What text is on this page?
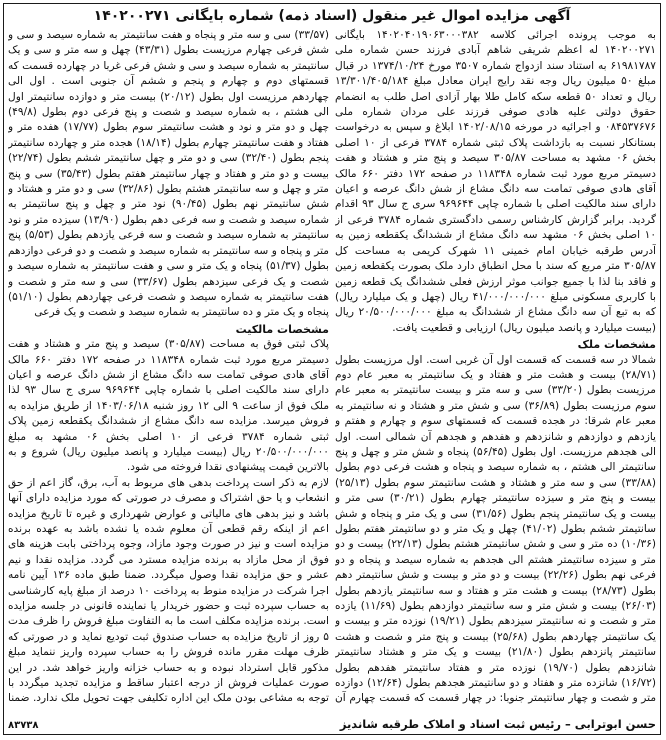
آگهی مزایده اموال غیر منقول (اسناد ذمه) شماره بایگانی ۱۴۰۲۰۰۲۷۱

به موجب پرونده اجرائی کلاسه ۱۴۰۲۰۴۰۱۹۰۶۳۰۰۰۳۸۲ بایگانی ۱۴۰۲۰۰۲۷۱ له اعظم شریفی شاهم آبادی فرزند حسن شماره ملی ۶۱۹۸۱۷۸۷ به استناد سند ازدواج شماره ۳۵۰۷ مورخ ۱۳۷۴/۱۰/۲۴ در قبال مبلغ ۵۰ میلیون ریال وجه نقد رایج ایران معادل مبلغ ۱۳/۳۰۱/۴۰۵/۱۸۴ ریال و تعداد ۵۰ قطعه سکه کامل طلا بهار آزادی اصل طلب به انضمام حقوق دولتی علیه هادی صوفی فرزند علی مردان شماره ملی ۰۸۴۵۳۷۶۷۶ و اجرائیه در مورخه ۱۴۰۲/۰۸/۱۵ ابلاغ و سپس به درخواست بستانکار نسبت به بازداشت پلاک ثبتی شماره ۳۷۸۴ فرعی از ۱۰ اصلی بخش ۰۶ مشهد به مساحت ۳۰۵/۸۷ سیصد و پنج متر و هشتاد و هفت دسیمتر مربع مورد ثبت شماره ۱۱۸۳۴۸ در صفحه ۱۷۲ دفتر ۶۶۰ مالک آقای هادی صوفی تمامت سه دانگ مشاع از شش دانگ عرصه و اعیان دارای سند مالکیت اصلی با شماره چاپی ۹۶۹۶۴۴ سری ج سال ۹۳ اقدام گردید. برابر گزارش کارشناس رسمی دادگستری شماره ۳۷۸۴ فرعی از ۱۰ اصلی بخش ۰۶ مشهد سه دانگ مشاع از ششدانگ یکقطعه زمین به آدرس طرقبه خیابان امام خمینی ۱۱ شهرک کریمی به مساحت کل ۳۰۵/۸۷ متر مربع که سند با محل انطباق دارد ملک بصورت یکقطعه زمین و فاقد بنا لذا با جمیع جوانب موثر ارزش فعلی ششدانگ یک قطعه زمین با کاربری مسکونی مبلغ ۴۱/۰۰۰/۰۰۰/۰۰۰ ریال (چهل و یک میلیارد ریال) که به تبع آن سه دانگ مشاع از ششدانگ به مبلغ ۲۰/۵۰۰/۰۰۰/۰۰۰ ریال (بیست میلیارد و پانصد میلیون ریال) ارزیابی و قطعیت یافت.

مشخصات ملک

شمالا در سه قسمت که قسمت اول آن غربی است. اول مرزیست بطول (۲۸/۷۱) بیست و هشت متر و هفتاد و یک سانتیمتر به معبر عام دوم مرزیست بطول (۳۳/۲۰) سی و سه متر و بیست سانتیمتر به معبر عام سوم مرزیست بطول (۳۶/۸۹) سی و شش متر و هشتاد و نه سانتیمتر به معبر عام شرقا: در هجده قسمت که قسمتهای سوم و چهارم و هفتم و یازدهم و دوازدهم و شانزدهم و هفدهم و هجدهم آن شمالی است. اول الی هجدهم مرزیست. اول بطول (۵۶/۴۵) پنجاه و شش متر و چهل و پنج سانتیمتر الی هشتم ، به شماره سیصد و پنجاه و هشت فرعی دوم بطول (۳۳/۸۸) سی و سه متر و هشتاد و هشت سانتیمتر سوم بطول (۲۵/۱۳) بیست و پنج متر و سیزده سانتیمتر چهارم بطول (۳۰/۲۱) سی متر و بیست و یک سانتیمتر پنجم بطول (۳۱/۵۶) سی و یک متر و پنجاه و شش سانتیمتر ششم بطول (۴۱/۰۲) چهل و یک متر و دو سانتیمتر هفتم بطول (۱۰/۳۶) ده متر و سی و شش سانتیمتر هشتم بطول (۲۲/۱۳) بیست و دو متر و سیزده سانتیمتر هشتم الی هجدهم به شماره سیصد و پنجاه و دو فرعی نهم بطول (۲۲/۲۶) بیست و دو متر و بیست و شش سانتیمتر دهم بطول (۲۸/۷۳) بیست و هشت متر و هفتاد و سه سانتیمتر یازدهم بطول (۲۶/۰۳) بیست و شش متر و سه سانتیمتر دوازدهم بطول (۱۱/۶۹) یازده متر و شصت و نه سانتیمتر سیزدهم بطول (۱۹/۲۱) نوزده متر و بیست و یک سانتیمتر چهاردهم بطول (۲۵/۶۸) بیست و پنج متر و شصت و هشت سانتیمتر پانزدهم بطول (۲۱/۸۰) بیست و یک متر و هشتاد سانتیمتر شانزدهم بطول (۱۹/۷۰) نوزده متر و هفتاد سانتیمتر هفدهم بطول (۱۶/۷۲) شانزده متر و هفتاد و دو سانتیمتر هجدهم بطول (۱۲/۶۴) دوازده متر و شصت و چهار سانتیمتر جنوبا: در چهار قسمت که قسمت چهارم آن

(۳۳/۵۷) سی و سه متر و پنجاه و هفت سانتیمتر به شماره سیصد و سی و شش فرعی چهارم مرزیست بطول (۴۳/۳۱) چهل و سه متر و سی و یک سانتیمتر به شماره سیصد و سی و شش فرعی غربا در چهارده قسمت که قسمتهای دوم و چهارم و پنجم و ششم آن جنوبی است . اول الی چهاردهم مرزیست اول بطول (۲۰/۱۲) بیست متر و دوازده سانتیمتر اول الی هشتم ، به شماره سیصد و شصت و پنج فرعی دوم بطول (۴۹/۸) چهل و دو متر و نود و هشت سانتیمتر سوم بطول (۱۷/۷۷) هفده متر و هفتاد و هفت سانتیمتر چهارم بطول (۱۸/۱۴) هجده متر و چهارده سانتیمتر پنجم بطول (۳۲/۴۰) سی و دو متر و چهل سانتیمتر ششم بطول (۲۲/۷۴) بیست و دو متر و هفتاد و چهار سانتیمتر هفتم بطول (۳۵/۴۳) سی و پنج متر و چهل و سه سانتیمتر هشتم بطول (۳۲/۸۶) سی و دو متر و هشتاد و شش سانتیمتر نهم بطول (۹۰/۴۵) نود متر و چهل و پنج سانتیمتر به شماره سیصد و شصت و سه فرعی دهم بطول (۱۳/۹۰) سیزده متر و نود سانتیمتر به شماره سیصد و شصت و سه فرعی یازدهم بطول (۵/۵۳) پنج متر و پنجاه و سه سانتیمتر به شماره سیصد و شصت و دو فرعی دوازدهم بطول (۵۱/۳۷) پنجاه و یک متر و سی و هفت سانتیمتر به شماره سیصد و شصت و یک فرعی سیزدهم بطول (۳۳/۶۷) سی و سه متر و شصت و هفت سانتیمتر به شماره سیصد و شصت فرعی چهاردهم بطول (۵۱/۱۰) پنجاه و یک متر و ده سانتیمتر به شماره سیصد و شصت و یک فرعی

مشخصات مالکیت

پلاک ثبتی فوق به مساحت (۳۰۵/۸۷) سیصد و پنج متر و هشتاد و هفت دسیمتر مربع مورد ثبت شماره ۱۱۸۳۴۸ در صفحه ۱۷۲ دفتر ۶۶۰ مالک آقای هادی صوفی تمامت سه دانگ مشاع از شش دانگ عرصه و اعیان دارای سند مالکیت اصلی با شماره چاپی ۹۶۹۶۴۴ سری ج سال ۹۳ لذا ملک فوق از ساعت ۹ الی ۱۲ روز شنبه ۱۴۰۳/۰۶/۱۸ از طریق مزایده به فروش میرسد. مزایده سه دانگ مشاع از ششدانگ یکقطعه زمین پلاک ثبتی شماره ۳۷۸۴ فرعی از ۱۰ اصلی بخش ۰۶ مشهد به مبلغ ۲۰/۵۰۰/۰۰۰/۰۰۰ ریال (بیست میلیارد و پانصد میلیون ریال) شروع و به بالاترین قیمت پیشنهادی نقدا فروخته می شود.

لازم به ذکر است پرداخت بدهی های مربوط به آب، برق، گاز اعم از حق انشعاب و یا حق اشتراک و مصرف در صورتی که مورد مزایده دارای آنها باشد و نیز بدهی های مالیاتی و عوارض شهرداری و غیره تا تاریخ مزایده اعم از اینکه رقم قطعی آن معلوم شده یا نشده باشد به عهده برنده مزایده است و نیز در صورت وجود مازاد، وجوه پرداختی بابت هزینه های فوق از محل مازاد به برنده مزایده مسترد می گردد. مزایده نقدا و نیم عشر و حق مزایده نقدا وصول میگردد. ضمنا طبق ماده ۱۳۶ آیین نامه اجرا شرکت در مزایده منوط به پرداخت ۱۰ درصد از مبلغ پایه کارشناسی به حساب سپرده ثبت و حضور خریدار یا نماینده قانونی در جلسه مزایده است. برنده مزایده مکلف است ما به التفاوت مبلغ فروش را ظرف مدت ۵ روز از تاریخ مزایده به حساب صندوق ثبت تودیع نماید و در صورتی که ظرف مهلت مقرر مانده فروش را به حساب سپرده واریز ننماید مبلغ مذکور قابل استرداد نبوده و به حساب خزانه واریز خواهد شد. در این صورت عملیات فروش از درجه اعتبار ساقط و مزایده تجدید میگردد با توجه به مشاعی بودن ملک این اداره تکلیفی جهت تحویل ملک ندارد. ضمنا

حسن ابوترابی – رئیس ثبت اسناد و املاک طرقبه شاندیز
۸۳۷۳۸
